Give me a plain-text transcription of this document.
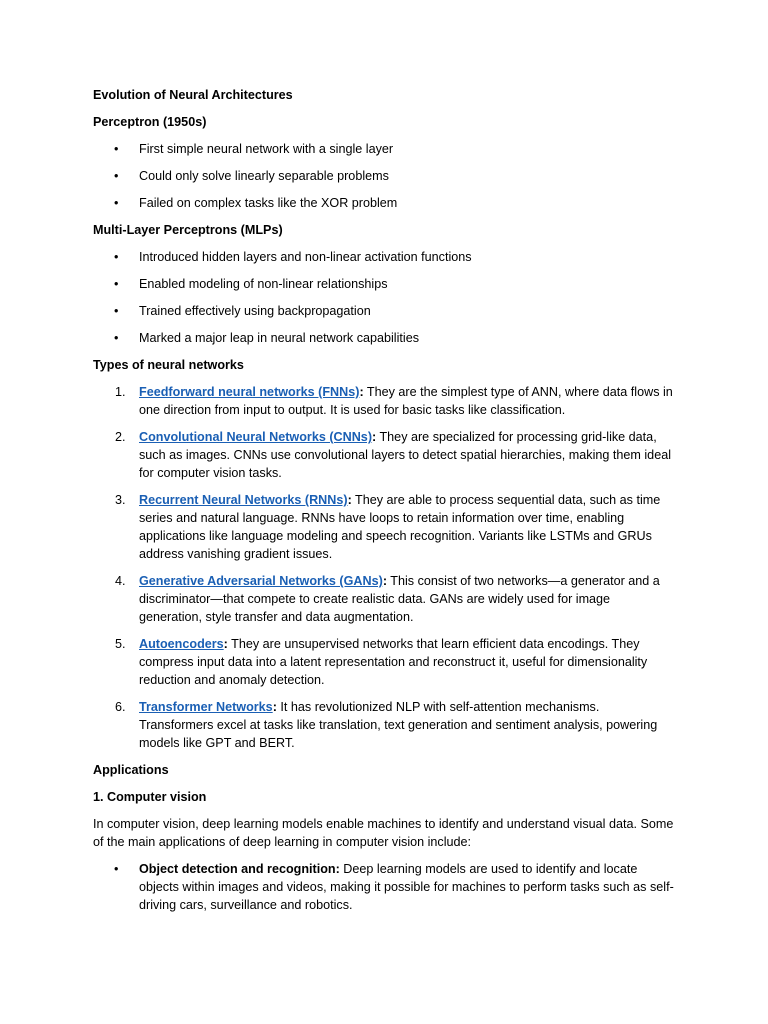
Evolution of Neural Architectures

Perceptron (1950s)

• First simple neural network with a single layer
• Could only solve linearly separable problems
• Failed on complex tasks like the XOR problem

Multi-Layer Perceptrons (MLPs)

• Introduced hidden layers and non-linear activation functions
• Enabled modeling of non-linear relationships
• Trained effectively using backpropagation
• Marked a major leap in neural network capabilities

Types of neural networks

1. Feedforward neural networks (FNNs): They are the simplest type of ANN, where data flows in one direction from input to output. It is used for basic tasks like classification.
2. Convolutional Neural Networks (CNNs): They are specialized for processing grid-like data, such as images. CNNs use convolutional layers to detect spatial hierarchies, making them ideal for computer vision tasks.
3. Recurrent Neural Networks (RNNs): They are able to process sequential data, such as time series and natural language. RNNs have loops to retain information over time, enabling applications like language modeling and speech recognition. Variants like LSTMs and GRUs address vanishing gradient issues.
4. Generative Adversarial Networks (GANs): This consist of two networks—a generator and a discriminator—that compete to create realistic data. GANs are widely used for image generation, style transfer and data augmentation.
5. Autoencoders: They are unsupervised networks that learn efficient data encodings. They compress input data into a latent representation and reconstruct it, useful for dimensionality reduction and anomaly detection.
6. Transformer Networks: It has revolutionized NLP with self-attention mechanisms. Transformers excel at tasks like translation, text generation and sentiment analysis, powering models like GPT and BERT.

Applications

1. Computer vision

In computer vision, deep learning models enable machines to identify and understand visual data. Some of the main applications of deep learning in computer vision include:

• Object detection and recognition: Deep learning models are used to identify and locate objects within images and videos, making it possible for machines to perform tasks such as self-driving cars, surveillance and robotics.
